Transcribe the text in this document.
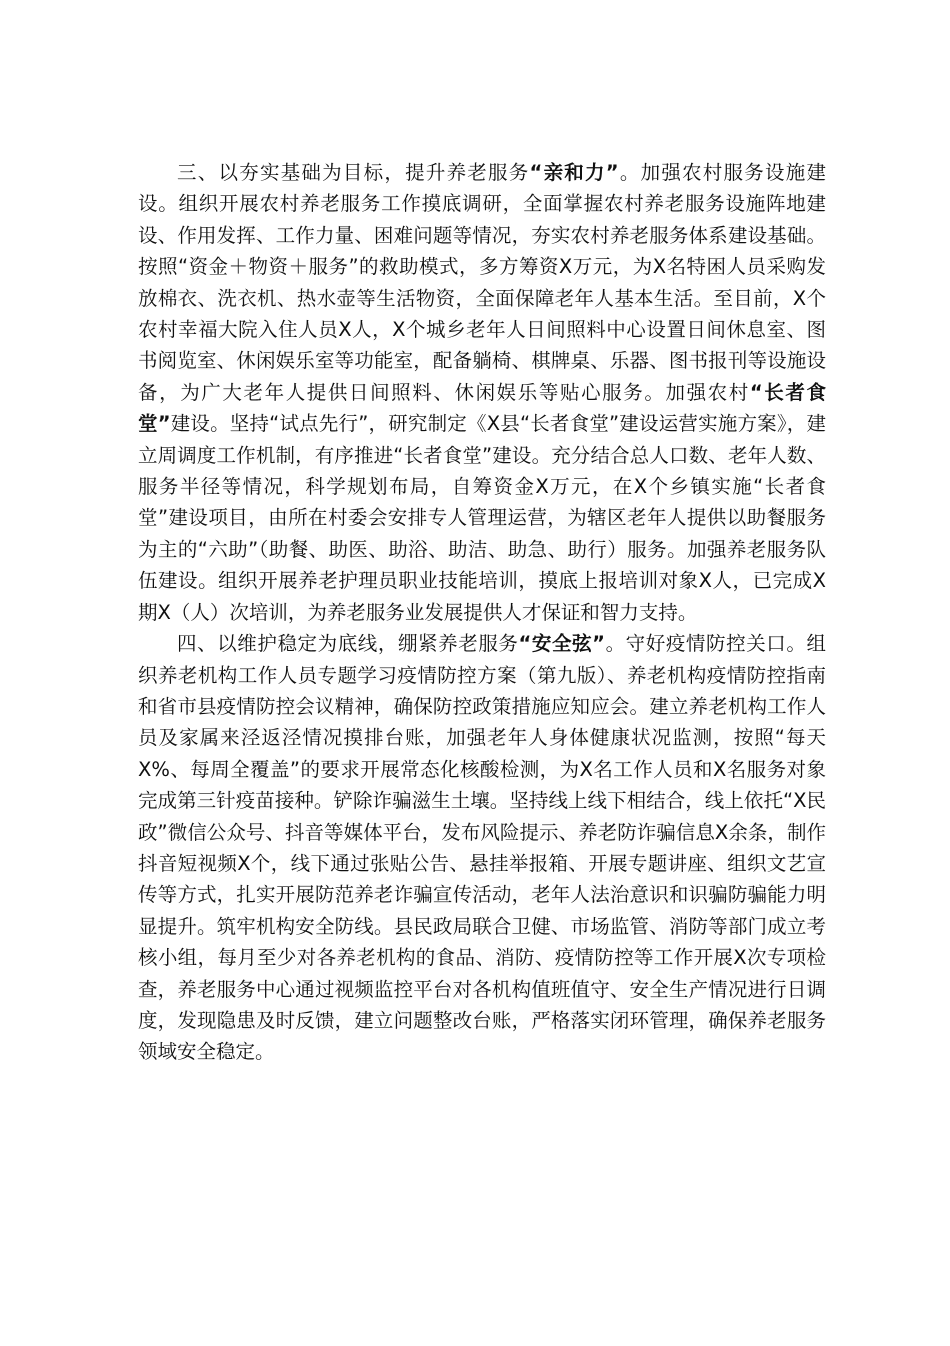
三、以夯实基础为目标，提升养老服务“亲和力”。加强农村服务设施建设。组织开展农村养老服务工作摸底调研，全面掌握农村养老服务设施阵地建设、作用发挥、工作力量、困难问题等情况，夯实农村养老服务体系建设基础。按照“资金＋物资＋服务”的救助模式，多方筹资X万元，为X名特困人员采购发放棉衣、洗衣机、热水壶等生活物资，全面保障老年人基本生活。至目前，X个农村幸福大院入住人员X人，X个城乡老年人日间照料中心设置日间休息室、图书阅览室、休闲娱乐室等功能室，配备躺椅、棋牌桌、乐器、图书报刊等设施设备，为广大老年人提供日间照料、休闲娱乐等贴心服务。加强农村“长者食堂”建设。坚持“试点先行”，研究制定《X县“长者食堂”建设运营实施方案》，建立周调度工作机制，有序推进“长者食堂”建设。充分结合总人口数、老年人数、服务半径等情况，科学规划布局，自筹资金X万元，在X个乡镇实施“长者食堂”建设项目，由所在村委会安排专人管理运营，为辖区老年人提供以助餐服务为主的“六助”（助餐、助医、助浴、助洁、助急、助行）服务。加强养老服务队伍建设。组织开展养老护理员职业技能培训，摸底上报培训对象X人，已完成X期X（人）次培训，为养老服务业发展提供人才保证和智力支持。

四、以维护稳定为底线，绷紧养老服务“安全弦”。守好疫情防控关口。组织养老机构工作人员专题学习疫情防控方案（第九版）、养老机构疫情防控指南和省市县疫情防控会议精神，确保防控政策措施应知应会。建立养老机构工作人员及家属来泾返泾情况摸排台账，加强老年人身体健康状况监测，按照“每天X%、每周全覆盖”的要求开展常态化核酸检测，为X名工作人员和X名服务对象完成第三针疫苗接种。铲除诈骗滋生土壤。坚持线上线下相结合，线上依托“X民政”微信公众号、抖音等媒体平台，发布风险提示、养老防诈骗信息X余条，制作抖音短视频X个，线下通过张贴公告、悬挂举报箱、开展专题讲座、组织文艺宣传等方式，扎实开展防范养老诈骗宣传活动，老年人法治意识和识骗防骗能力明显提升。筑牢机构安全防线。县民政局联合卫健、市场监管、消防等部门成立考核小组，每月至少对各养老机构的食品、消防、疫情防控等工作开展X次专项检查，养老服务中心通过视频监控平台对各机构值班值守、安全生产情况进行日调度，发现隐患及时反馈，建立问题整改台账，严格落实闭环管理，确保养老服务领域安全稳定。
